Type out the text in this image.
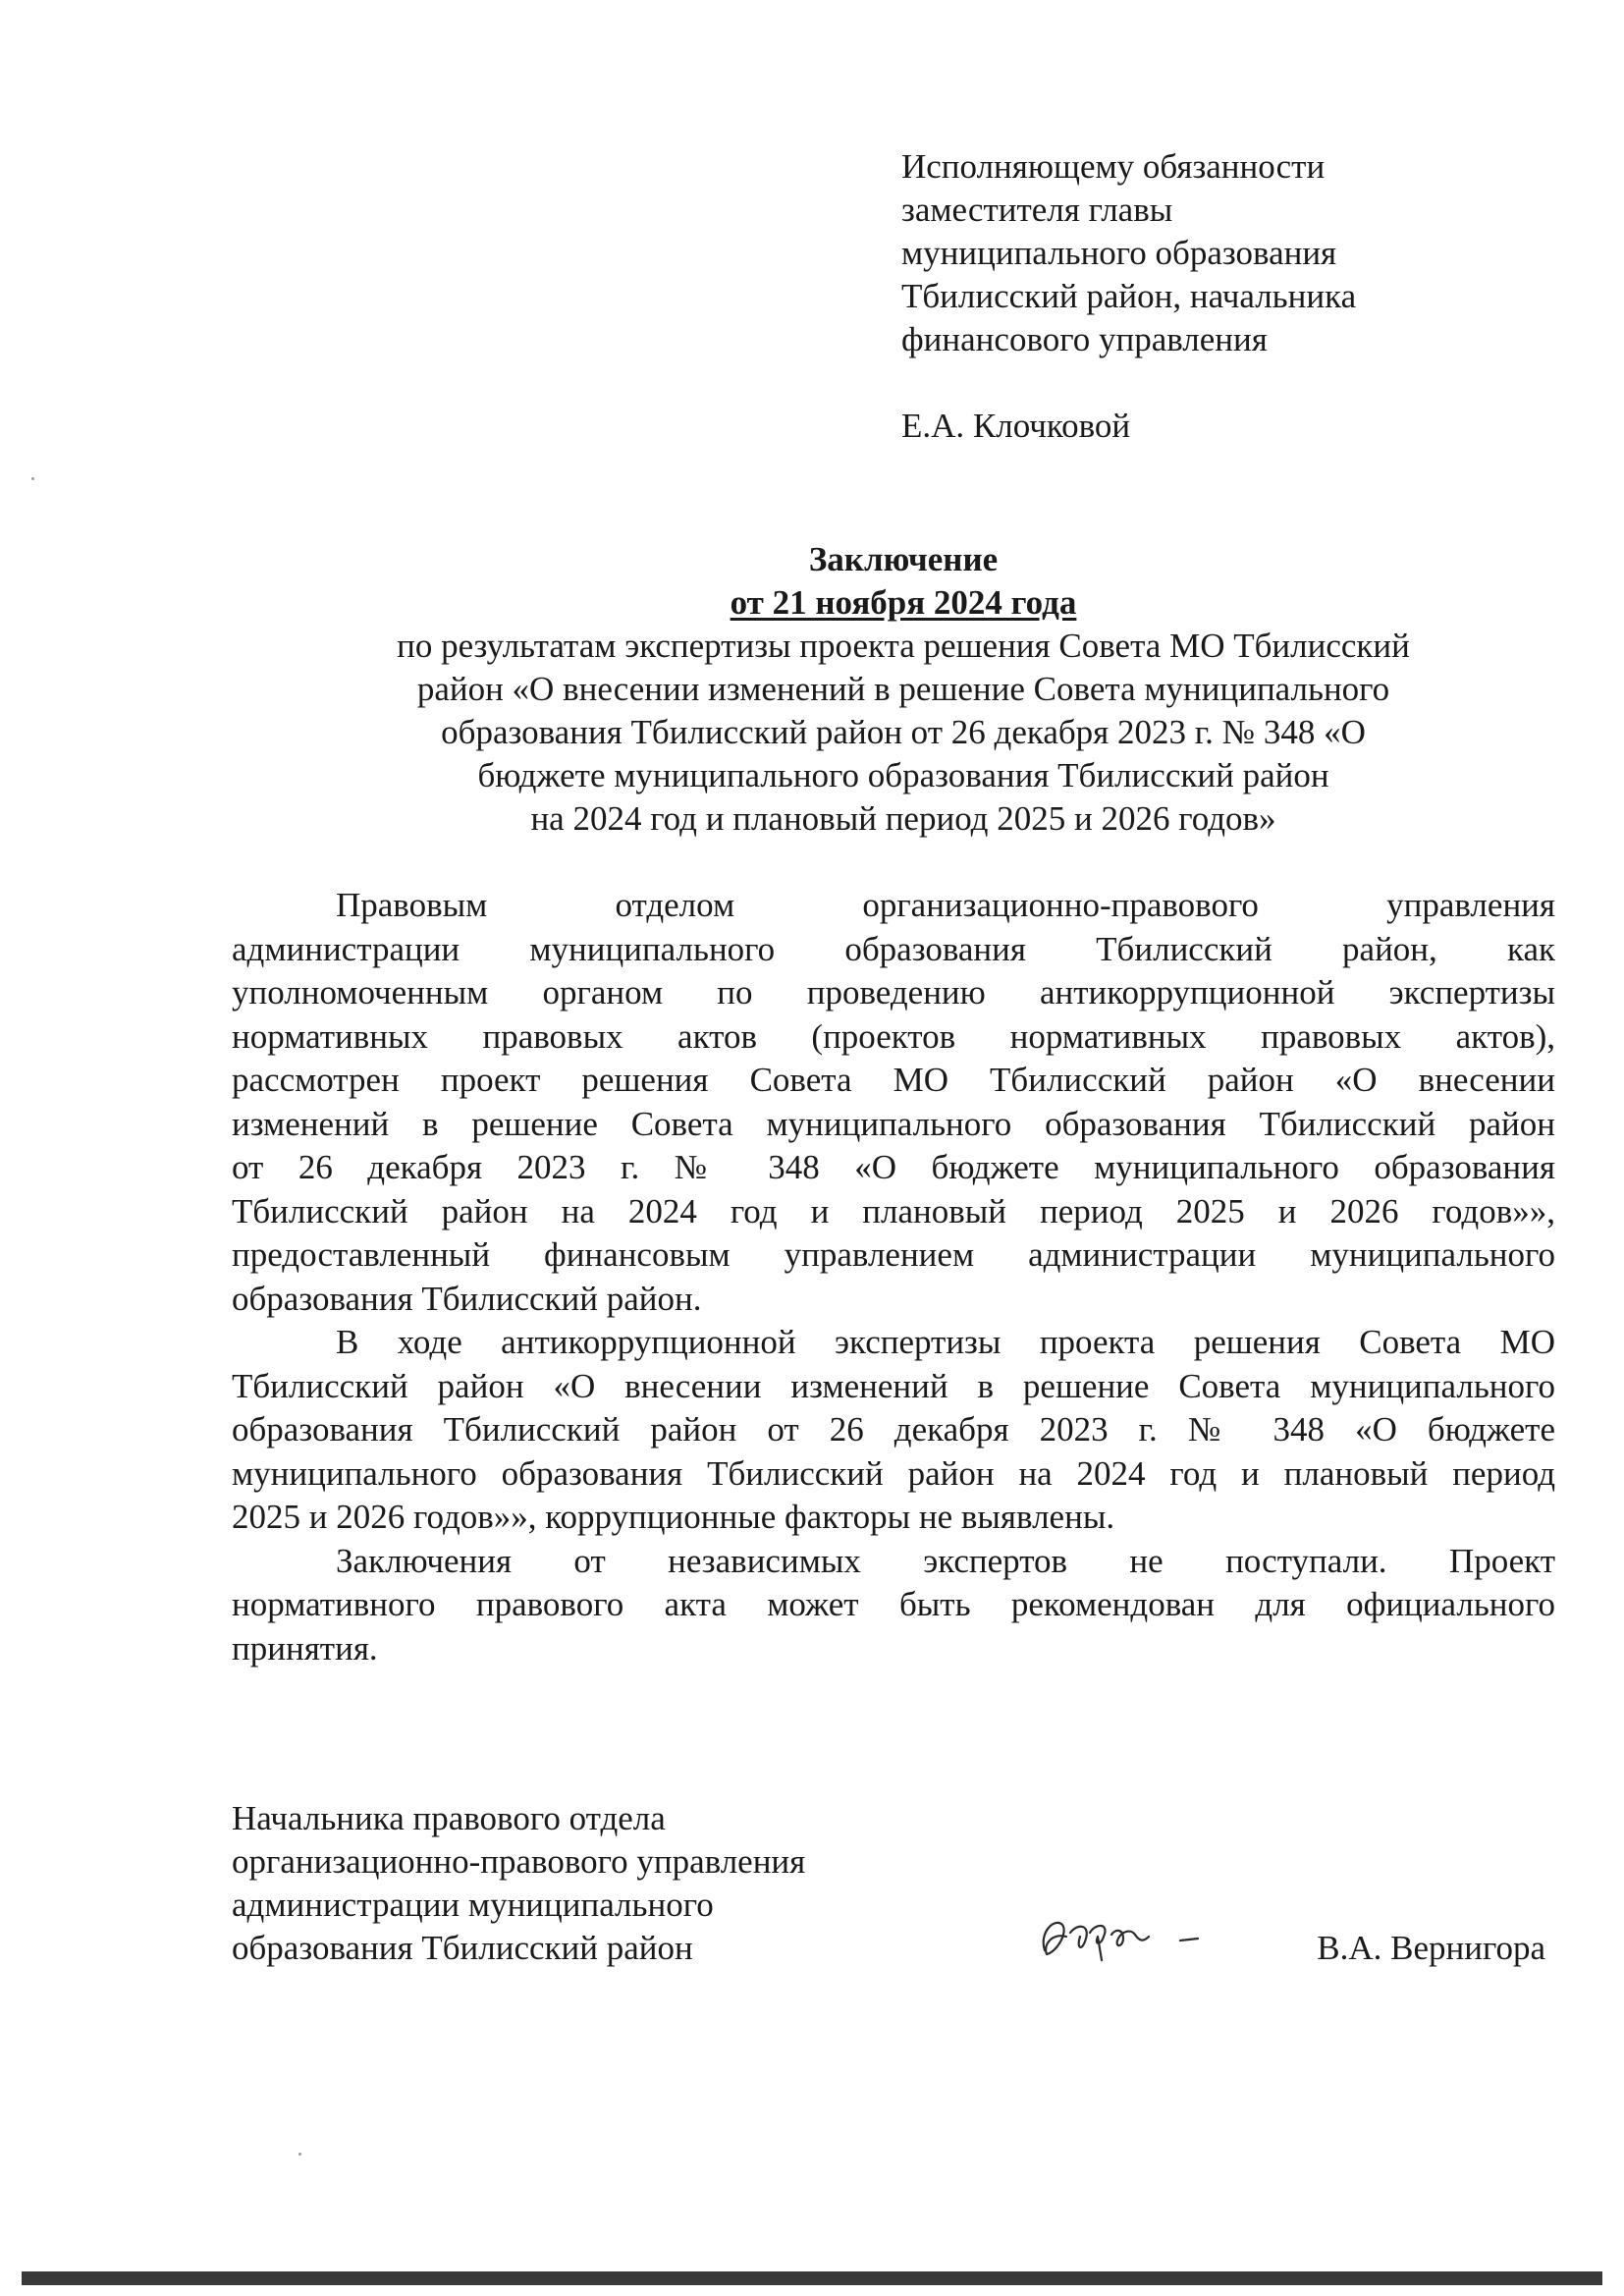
Исполняющему обязанности
заместителя главы
муниципального образования
Тбилисский район, начальника
финансового управления
Е.А. Клочковой
Заключение
от 21 ноября 2024 года
по результатам экспертизы проекта решения Совета МО Тбилисский
район «О внесении изменений в решение Совета муниципального
образования Тбилисский район от 26 декабря 2023 г. № 348 «О
бюджете муниципального образования Тбилисский район
на 2024 год и плановый период 2025 и 2026 годов»
Правовым отделом организационно-правового управления
администрации муниципального образования Тбилисский район, как
уполномоченным органом по проведению антикоррупционной экспертизы
нормативных правовых актов (проектов нормативных правовых актов),
рассмотрен проект решения Совета МО Тбилисский район «О внесении
изменений в решение Совета муниципального образования Тбилисский район
от 26 декабря 2023 г. № 348 «О бюджете муниципального образования
Тбилисский район на 2024 год и плановый период 2025 и 2026 годов»»,
предоставленный финансовым управлением администрации муниципального
образования Тбилисский район.
В ходе антикоррупционной экспертизы проекта решения Совета МО
Тбилисский район «О внесении изменений в решение Совета муниципального
образования Тбилисский район от 26 декабря 2023 г. № 348 «О бюджете
муниципального образования Тбилисский район на 2024 год и плановый период
2025 и 2026 годов»», коррупционные факторы не выявлены.
Заключения от независимых экспертов не поступали. Проект
нормативного правового акта может быть рекомендован для официального
принятия.
Начальника правового отдела
организационно-правового управления
администрации муниципального
образования Тбилисский район	В.А. Вернигора
